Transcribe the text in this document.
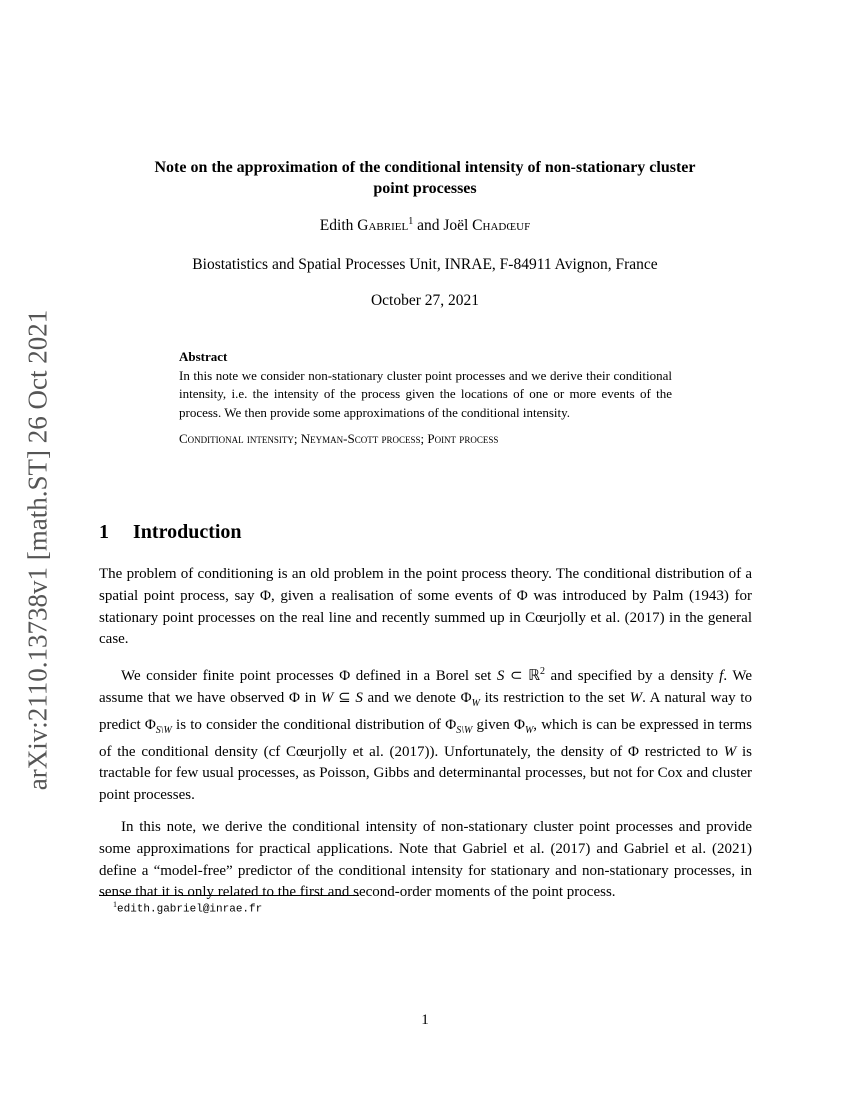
arXiv:2110.13738v1 [math.ST] 26 Oct 2021
Note on the approximation of the conditional intensity of non-stationary cluster
point processes
Edith Gabriel$^1$ and Joël Chadœuf
Biostatistics and Spatial Processes Unit, INRAE, F-84911 Avignon, France
October 27, 2021
Abstract
In this note we consider non-stationary cluster point processes and we derive their conditional intensity, i.e. the intensity of the process given the locations of one or more events of the process. We then provide some approximations of the conditional intensity.
Conditional intensity; Neyman-Scott process; Point process
1 Introduction

The problem of conditioning is an old problem in the point process theory. The conditional distribution of a spatial point process, say Φ, given a realisation of some events of Φ was introduced by Palm (1943) for stationary point processes on the real line and recently summed up in Cœurjolly et al. (2017) in the general case.

We consider finite point processes Φ defined in a Borel set S ⊂ ℝ$^2$ and specified by a density f. We assume that we have observed Φ in W ⊆ S and we denote $\Phi_W$ its restriction to the set W. A natural way to predict $\Phi_{S\backslash W}$ is to consider the conditional distribution of $\Phi_{S\backslash W}$ given $\Phi_W$, which is can be expressed in terms of the conditional density (cf Cœurjolly et al. (2017)). Unfortunately, the density of Φ restricted to W is tractable for few usual processes, as Poisson, Gibbs and determinantal processes, but not for Cox and cluster point processes.

In this note, we derive the conditional intensity of non-stationary cluster point processes and provide some approximations for practical applications. Note that Gabriel et al. (2017) and Gabriel et al. (2021) define a “model-free” predictor of the conditional intensity for stationary and non-stationary processes, in sense that it is only related to the first and second-order moments of the point process.

$^1$edith.gabriel@inrae.fr
1
